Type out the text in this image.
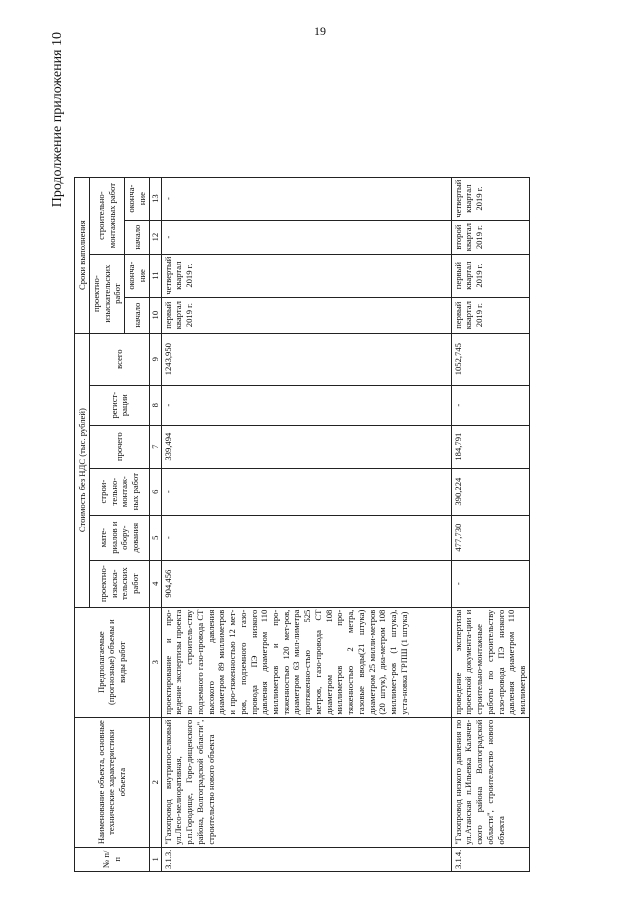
19
Продолжение приложения 10
№ п/п	Наименование объекта, основные технические характеристики объекта	Предполагаемые (прогнозные) объемы и виды работ	Стоимость без НДС (тыс. рублей)						Сроки выполнения			
			проектно-изыска-тельских работ	мате-риалов и обору-дования	строи-тельно-монтаж-ных работ	прочего	регист-рации	всего	проектно-изыскательских работ		строительно-монтажных работ	
									начало	оконча-ние	начало	оконча-ние
1	2	3	4	5	6	7	8	9	10	11	12	13
3.1.3.	"Газопровод внутрипоселковый ул.Лесо-мелиоративная, р.п.Городище, Горо-дищенского района, Волгоградской области", строительство нового объекта	проектирование и про-ведение экспертизы проекта по строитель-ству подземного газо-провода СТ высокого давления диаметром 89 миллиметров и про-тяженностью 12 мет-ров, подземного газо-провода ПЭ низкого давления диаметром 110 миллиметров и про-тяженностью 120 мет-ров, диаметром 63 мил-лиметра протяженно-стью 525 метров, газо-провода СТ диаметром 108 миллиметров про-тяженностью 2 метра, газовые вводы(21 штука) диаметром 25 милли-метров (20 штук), диа-метром 108 миллимет-ров (1 штука), уста-новка ГРПШ (1 штука)	904,456	-	-	339,494	-	1243,950	первый квартал 2019 г.	четвертый квартал 2019 г.	-	-
3.1.4.	"Газопровод низкого давления по ул.Атанская п.Ильевка Калачев-ского района Волгоградской области", строительство нового объекта	проведение экспертизы проектной документа-ции и строительно-монтажные работы по строительству газо-провода ПЭ низкого давления диаметром 110 миллиметров	-	477,730	390,224	184,791	-	1052,745	первый квартал 2019 г.	первый квартал 2019 г.	второй квартал 2019 г.	четвертый квартал 2019 г.
